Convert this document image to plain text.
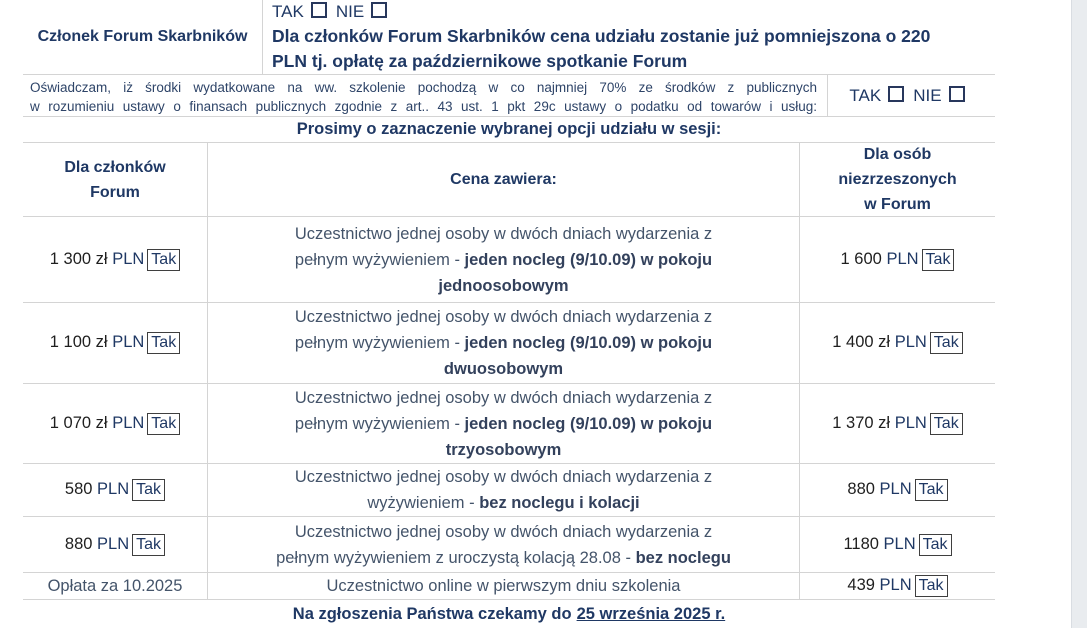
Członek Forum Skarbników
TAK NIE
Dla członków Forum Skarbników cena udziału zostanie już pomniejszona o 220
PLN tj. opłatę za październikowe spotkanie Forum
Oświadczam, iż środki wydatkowane na ww. szkolenie pochodzą w co najmniej 70% ze środków z publicznych
w rozumieniu ustawy o finansach publicznych zgodnie z art.. 43 ust. 1 pkt 29c ustawy o podatku od towarów i usług:
TAK NIE
Prosimy o zaznaczenie wybranej opcji udziału w sesji:
Dla członków
Forum
Cena zawiera:
Dla osób
niezrzeszonych
w Forum
1 300 zł PLN Tak
Uczestnictwo jednej osoby w dwóch dniach wydarzenia z
pełnym wyżywieniem - jeden nocleg (9/10.09) w pokoju
jednoosobowym
1 600 PLN Tak
1 100 zł PLN Tak
Uczestnictwo jednej osoby w dwóch dniach wydarzenia z
pełnym wyżywieniem - jeden nocleg (9/10.09) w pokoju
dwuosobowym
1 400 zł PLN Tak
1 070 zł PLN Tak
Uczestnictwo jednej osoby w dwóch dniach wydarzenia z
pełnym wyżywieniem - jeden nocleg (9/10.09) w pokoju
trzyosobowym
1 370 zł PLN Tak
580 PLN Tak
Uczestnictwo jednej osoby w dwóch dniach wydarzenia z
wyżywieniem - bez noclegu i kolacji
880 PLN Tak
880 PLN Tak
Uczestnictwo jednej osoby w dwóch dniach wydarzenia z
pełnym wyżywieniem z uroczystą kolacją 28.08 - bez noclegu
1180 PLN Tak
Opłata za 10.2025	Uczestnictwo online w pierwszym dniu szkolenia	439 PLN Tak
Na zgłoszenia Państwa czekamy do 25 września 2025 r.
